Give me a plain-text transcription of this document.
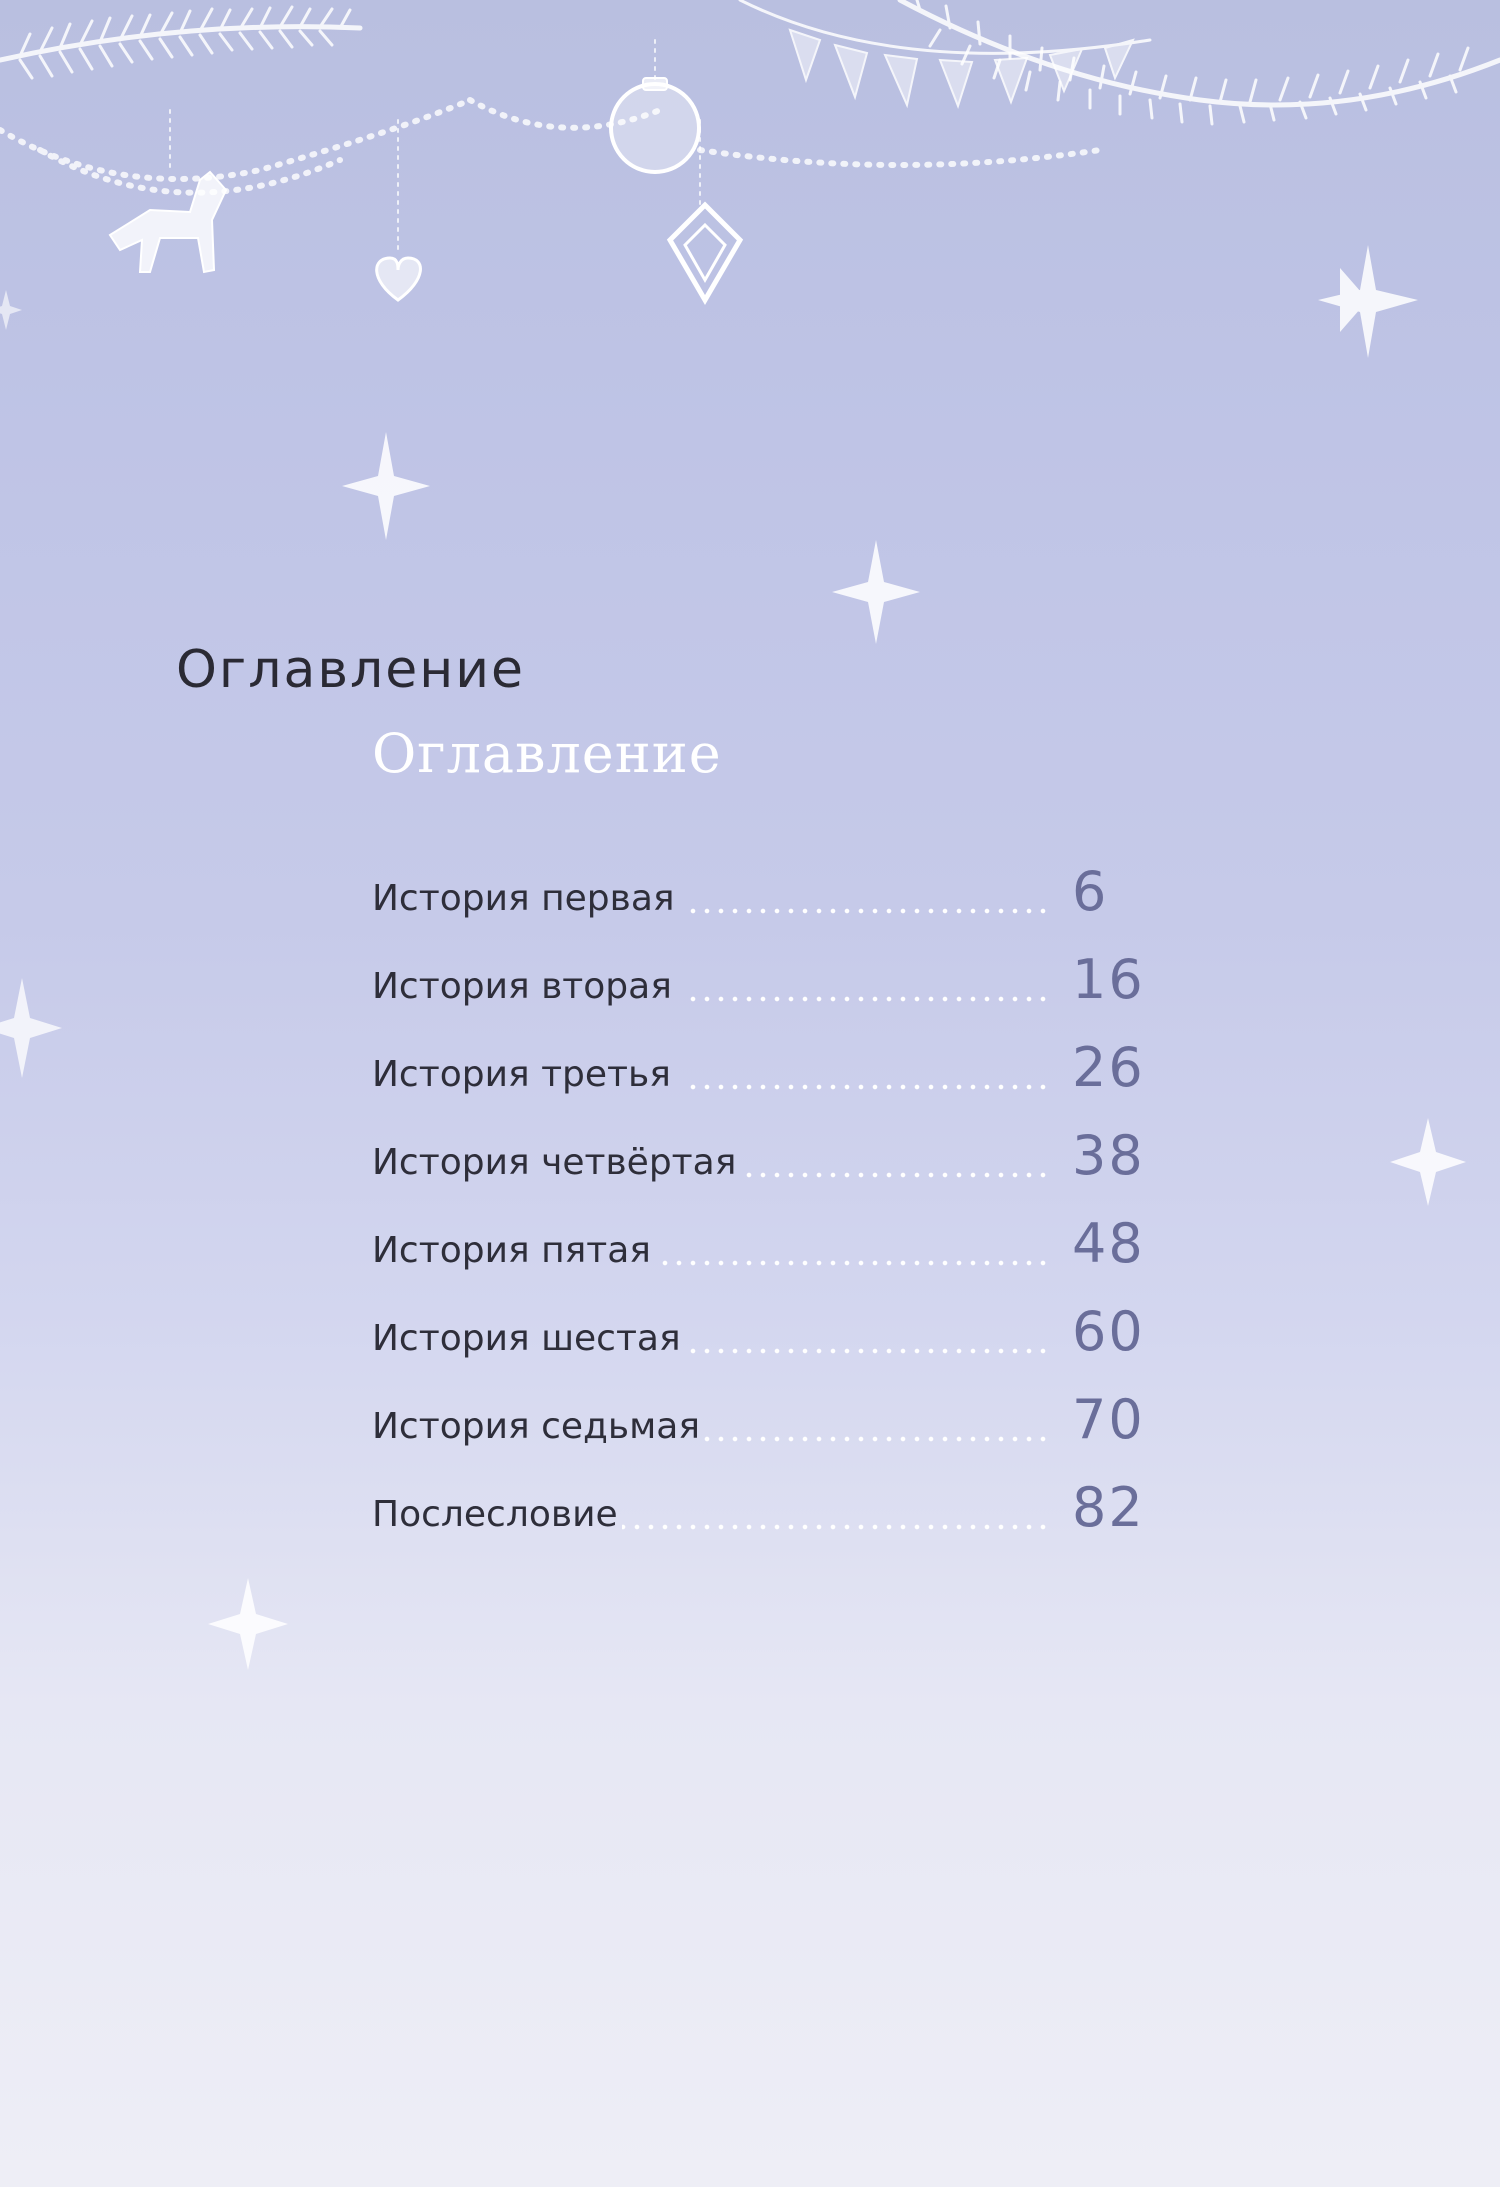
Оглавление
Оглавление
История первая	6
История вторая	16
История третья	26
История четвёртая	38
История пятая	48
История шестая	60
История седьмая	70
Послесловие	82
